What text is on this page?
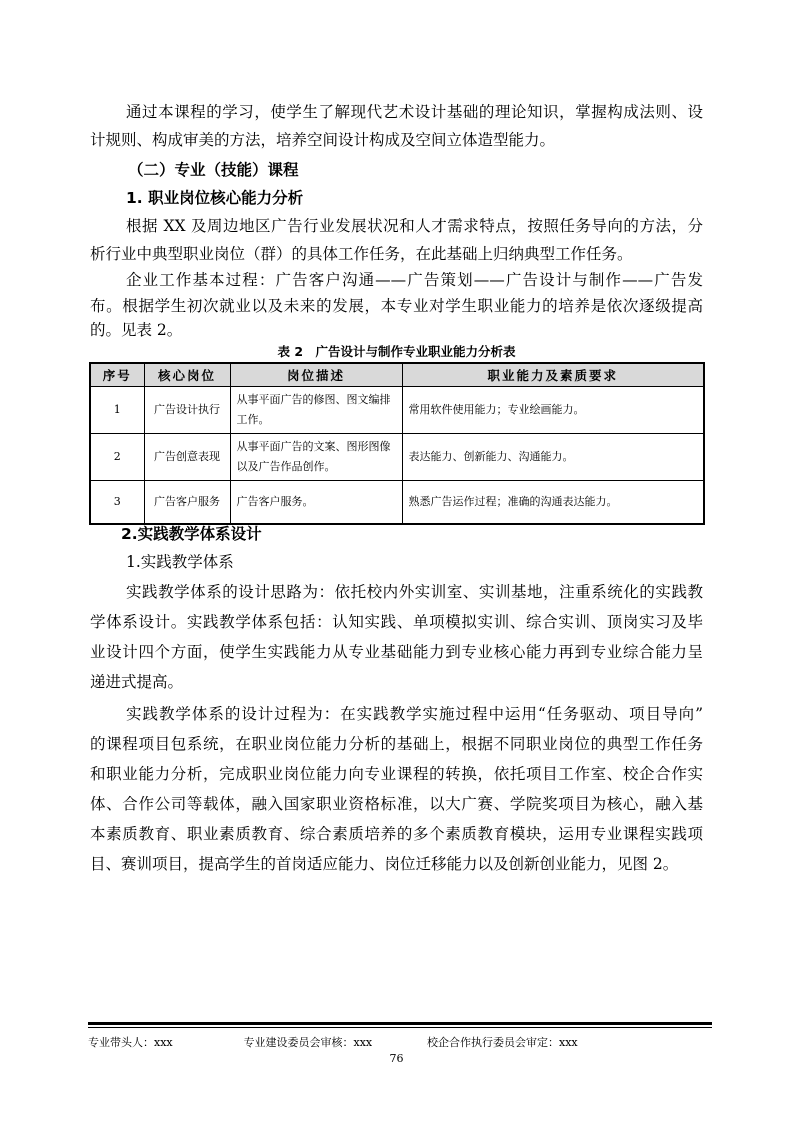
通过本课程的学习，使学生了解现代艺术设计基础的理论知识，掌握构成法则、设

计规则、构成审美的方法，培养空间设计构成及空间立体造型能力。

（二）专业（技能）课程
1. 职业岗位核心能力分析

根据 XX 及周边地区广告行业发展状况和人才需求特点，按照任务导向的方法，分

析行业中典型职业岗位（群）的具体工作任务，在此基础上归纳典型工作任务。

企业工作基本过程：广告客户沟通——广告策划——广告设计与制作——广告发

布。根据学生初次就业以及未来的发展，本专业对学生职业能力的培养是依次逐级提高

的。见表 2。

表 2　广告设计与制作专业职业能力分析表
序号	核心岗位	岗位描述	职业能力及素质要求
1	广告设计执行	从事平面广告的修图、图文编排工作。	常用软件使用能力；专业绘画能力。
2	广告创意表现	从事平面广告的文案、图形图像以及广告作品创作。	表达能力、创新能力、沟通能力。
3	广告客户服务	广告客户服务。	熟悉广告运作过程；准确的沟通表达能力。
2.实践教学体系设计

1.实践教学体系

实践教学体系的设计思路为：依托校内外实训室、实训基地，注重系统化的实践教

学体系设计。实践教学体系包括：认知实践、单项模拟实训、综合实训、顶岗实习及毕

业设计四个方面，使学生实践能力从专业基础能力到专业核心能力再到专业综合能力呈

递进式提高。

实践教学体系的设计过程为：在实践教学实施过程中运用“任务驱动、项目导向”

的课程项目包系统，在职业岗位能力分析的基础上，根据不同职业岗位的典型工作任务

和职业能力分析，完成职业岗位能力向专业课程的转换，依托项目工作室、校企合作实

体、合作公司等载体，融入国家职业资格标准，以大广赛、学院奖项目为核心，融入基

本素质教育、职业素质教育、综合素质培养的多个素质教育模块，运用专业课程实践项

目、赛训项目，提高学生的首岗适应能力、岗位迁移能力以及创新创业能力，见图 2。

专业带头人：xxx	专业建设委员会审核：xxx	校企合作执行委员会审定：xxx
76
